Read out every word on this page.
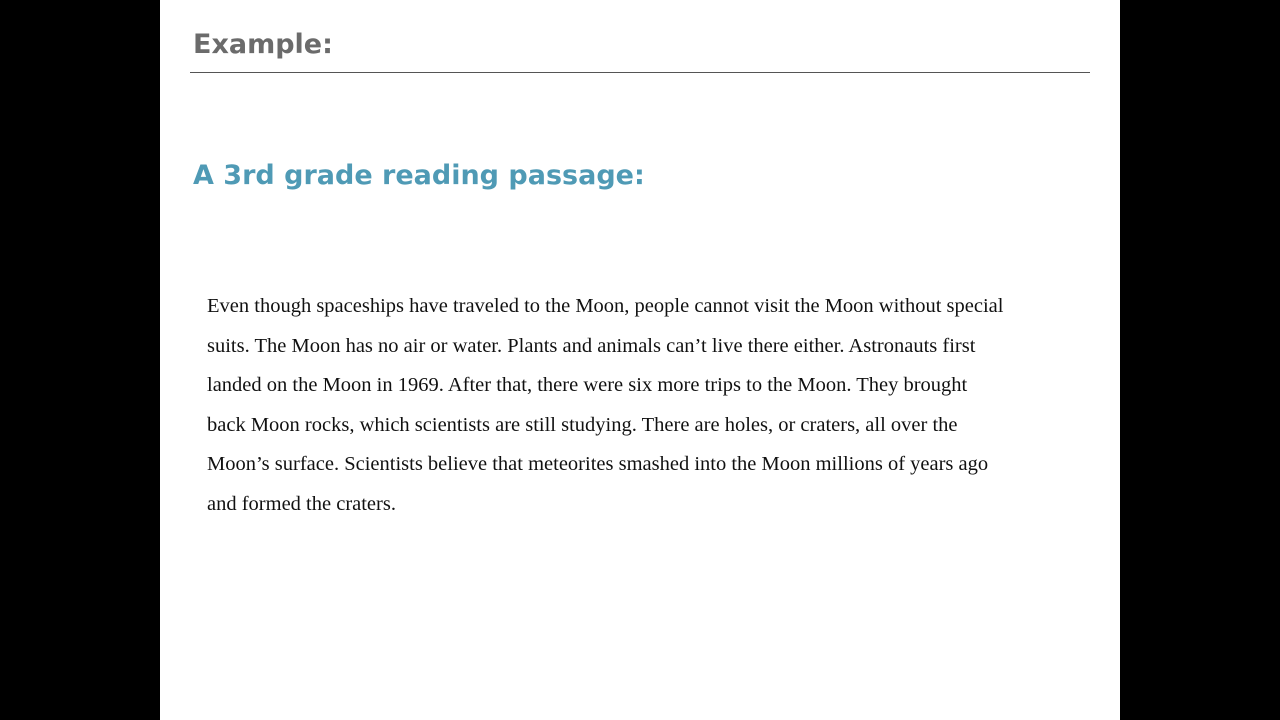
Example:
A 3rd grade reading passage:

Even though spaceships have traveled to the Moon, people cannot visit the Moon without special
suits. The Moon has no air or water. Plants and animals can’t live there either. Astronauts first
landed on the Moon in 1969. After that, there were six more trips to the Moon. They brought
back Moon rocks, which scientists are still studying. There are holes, or craters, all over the
Moon’s surface. Scientists believe that meteorites smashed into the Moon millions of years ago
and formed the craters.
